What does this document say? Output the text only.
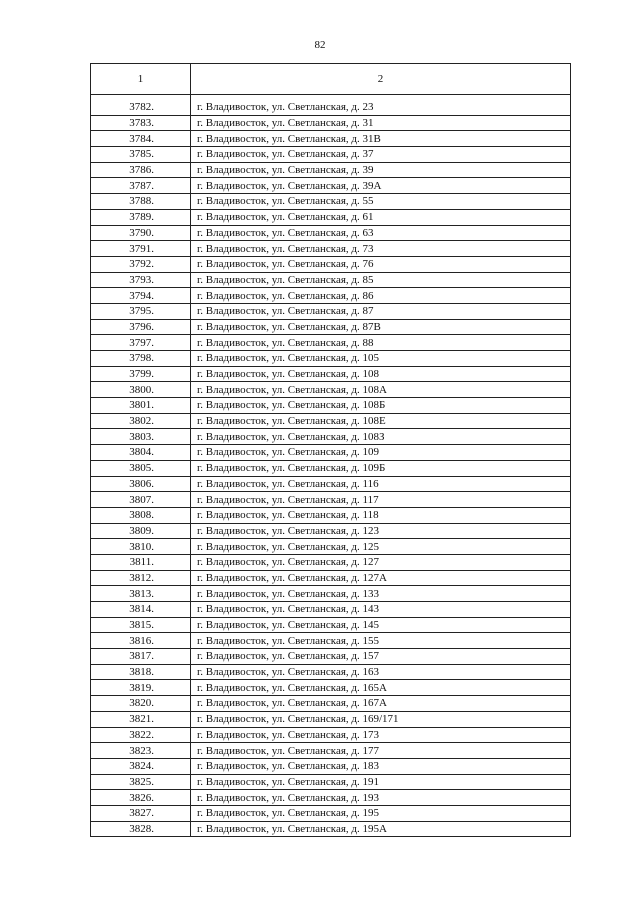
82
1	2

3782.	г. Владивосток, ул. Светланская, д. 23
3783.	г. Владивосток, ул. Светланская, д. 31
3784.	г. Владивосток, ул. Светланская, д. 31В
3785.	г. Владивосток, ул. Светланская, д. 37
3786.	г. Владивосток, ул. Светланская, д. 39
3787.	г. Владивосток, ул. Светланская, д. 39А
3788.	г. Владивосток, ул. Светланская, д. 55
3789.	г. Владивосток, ул. Светланская, д. 61
3790.	г. Владивосток, ул. Светланская, д. 63
3791.	г. Владивосток, ул. Светланская, д. 73
3792.	г. Владивосток, ул. Светланская, д. 76
3793.	г. Владивосток, ул. Светланская, д. 85
3794.	г. Владивосток, ул. Светланская, д. 86
3795.	г. Владивосток, ул. Светланская, д. 87
3796.	г. Владивосток, ул. Светланская, д. 87В
3797.	г. Владивосток, ул. Светланская, д. 88
3798.	г. Владивосток, ул. Светланская, д. 105
3799.	г. Владивосток, ул. Светланская, д. 108
3800.	г. Владивосток, ул. Светланская, д. 108А
3801.	г. Владивосток, ул. Светланская, д. 108Б
3802.	г. Владивосток, ул. Светланская, д. 108Е
3803.	г. Владивосток, ул. Светланская, д. 108З
3804.	г. Владивосток, ул. Светланская, д. 109
3805.	г. Владивосток, ул. Светланская, д. 109Б
3806.	г. Владивосток, ул. Светланская, д. 116
3807.	г. Владивосток, ул. Светланская, д. 117
3808.	г. Владивосток, ул. Светланская, д. 118
3809.	г. Владивосток, ул. Светланская, д. 123
3810.	г. Владивосток, ул. Светланская, д. 125
3811.	г. Владивосток, ул. Светланская, д. 127
3812.	г. Владивосток, ул. Светланская, д. 127А
3813.	г. Владивосток, ул. Светланская, д. 133
3814.	г. Владивосток, ул. Светланская, д. 143
3815.	г. Владивосток, ул. Светланская, д. 145
3816.	г. Владивосток, ул. Светланская, д. 155
3817.	г. Владивосток, ул. Светланская, д. 157
3818.	г. Владивосток, ул. Светланская, д. 163
3819.	г. Владивосток, ул. Светланская, д. 165А
3820.	г. Владивосток, ул. Светланская, д. 167А
3821.	г. Владивосток, ул. Светланская, д. 169/171
3822.	г. Владивосток, ул. Светланская, д. 173
3823.	г. Владивосток, ул. Светланская, д. 177
3824.	г. Владивосток, ул. Светланская, д. 183
3825.	г. Владивосток, ул. Светланская, д. 191
3826.	г. Владивосток, ул. Светланская, д. 193
3827.	г. Владивосток, ул. Светланская, д. 195
3828.	г. Владивосток, ул. Светланская, д. 195А
